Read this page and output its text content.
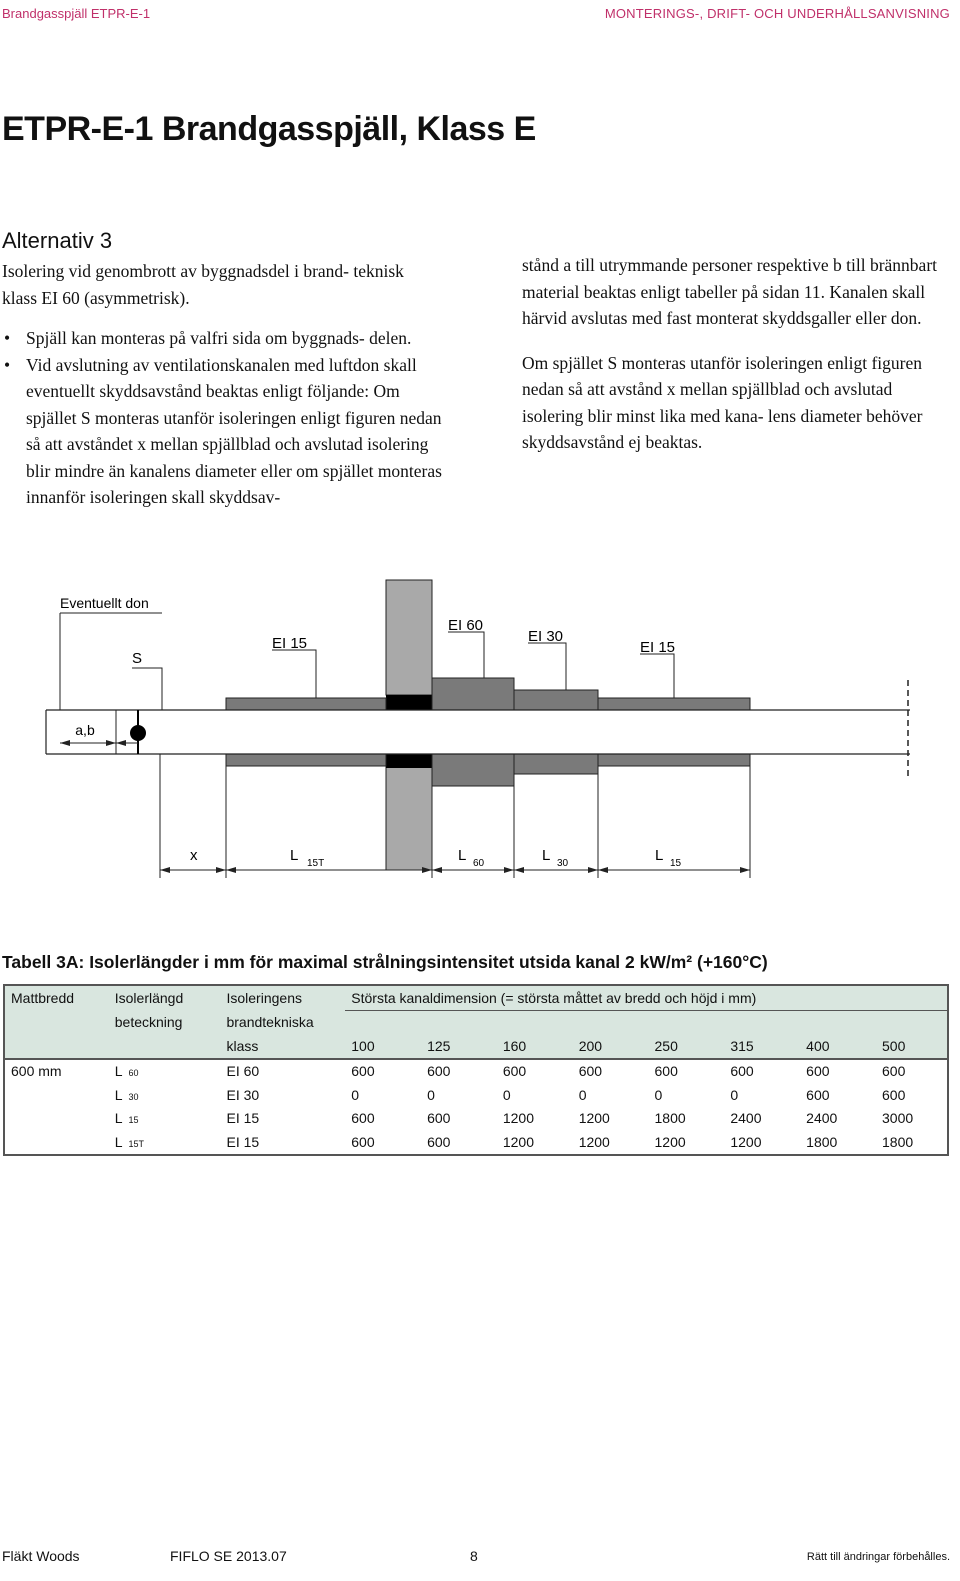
Brandgasspjäll ETPR-E-1	MONTERINGS-, DRIFT- OCH UNDERHÅLLSANVISNING
ETPR-E-1 Brandgasspjäll, Klass E
Alternativ 3

Isolering vid genombrott av byggnadsdel i brand- teknisk klass EI 60 (asymmetrisk).

• Spjäll kan monteras på valfri sida om byggnads- delen.
• Vid avslutning av ventilationskanalen med luftdon skall eventuellt skyddsavstånd beaktas enligt följande: Om spjället S monteras utanför isoleringen enligt figuren nedan så att avståndet x mellan spjällblad och avslutad isolering blir mindre än kanalens diameter eller om spjället monteras innanför isoleringen skall skyddsav-

stånd a till utrymmande personer respektive b till brännbart material beaktas enligt tabeller på sidan 11. Kanalen skall härvid avslutas med fast monterat skyddsgaller eller don.

Om spjället S monteras utanför isoleringen enligt figuren nedan så att avstånd x mellan spjällblad och avslutad isolering blir minst lika med kana- lens diameter behöver skyddsavstånd ej beaktas.

a,b
Eventuellt don
S
EI 15
EI 60
EI 30
EI 15
x	L 15T	L 60	L 30	L 15
Tabell 3A: Isolerlängder i mm för maximal strålningsintensitet utsida kanal 2 kW/m² (+160°C)
Mattbredd	Isolerlängd	Isoleringens	Största kanaldimension (= största måttet av bredd och höjd i mm)							
	beteckning	brandtekniska								
		klass	100	125	160	200	250	315	400	500
600 mm	L 60	EI 60	600	600	600	600	600	600	600	600
	L 30	EI 30	0	0	0	0	0	0	600	600
	L 15	EI 15	600	600	1200	1200	1800	2400	2400	3000
	L 15T	EI 15	600	600	1200	1200	1200	1200	1800	1800
Fläkt Woods	FIFLO SE 2013.07	8	Rätt till ändringar förbehålles.
